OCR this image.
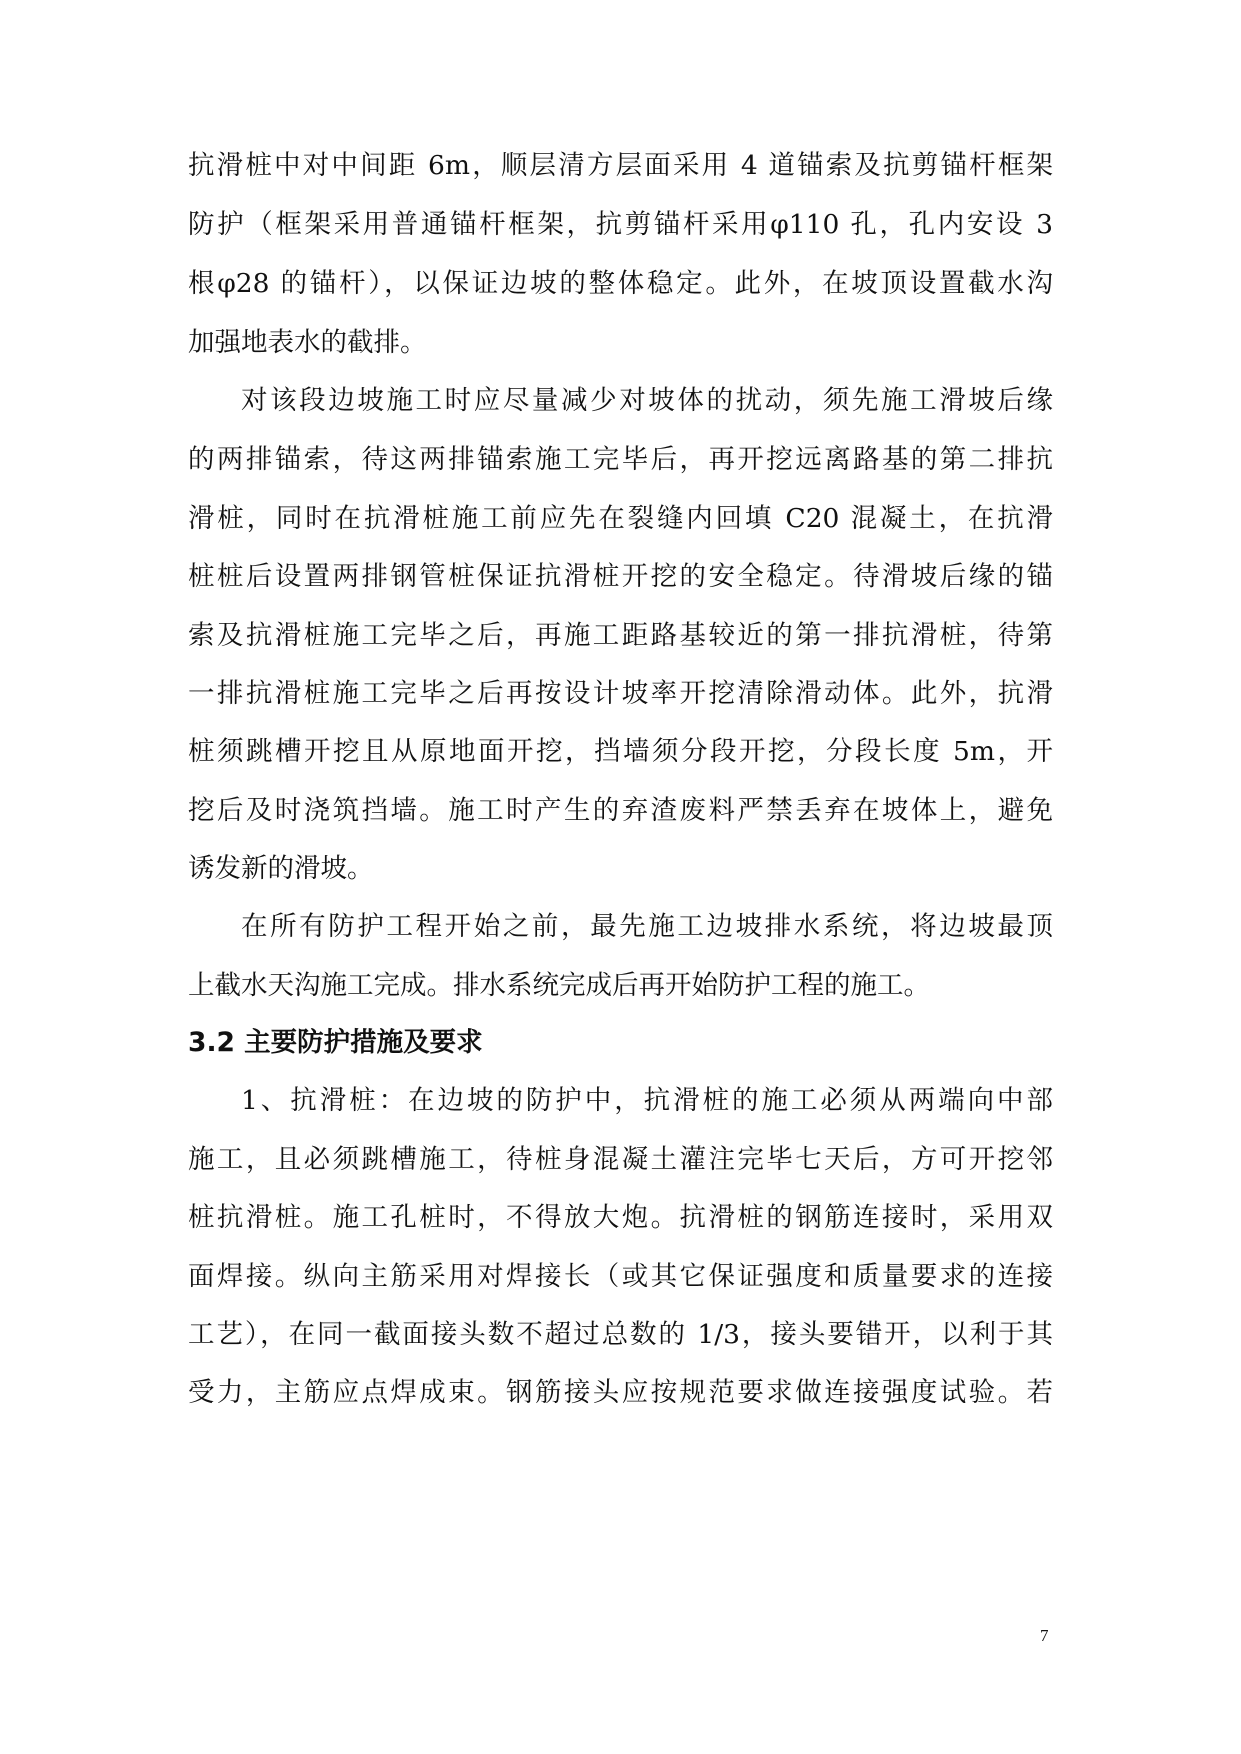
抗滑桩中对中间距 6m，顺层清方层面采用 4 道锚索及抗剪锚杆框架
防护（框架采用普通锚杆框架，抗剪锚杆采用φ110 孔，孔内安设 3
根φ28 的锚杆），以保证边坡的整体稳定。此外，在坡顶设置截水沟
加强地表水的截排。
对该段边坡施工时应尽量减少对坡体的扰动，须先施工滑坡后缘
的两排锚索，待这两排锚索施工完毕后，再开挖远离路基的第二排抗
滑桩，同时在抗滑桩施工前应先在裂缝内回填 C20 混凝土，在抗滑
桩桩后设置两排钢管桩保证抗滑桩开挖的安全稳定。待滑坡后缘的锚
索及抗滑桩施工完毕之后，再施工距路基较近的第一排抗滑桩，待第
一排抗滑桩施工完毕之后再按设计坡率开挖清除滑动体。此外，抗滑
桩须跳槽开挖且从原地面开挖，挡墙须分段开挖，分段长度 5m，开
挖后及时浇筑挡墙。施工时产生的弃渣废料严禁丢弃在坡体上，避免
诱发新的滑坡。
在所有防护工程开始之前，最先施工边坡排水系统，将边坡最顶
上截水天沟施工完成。排水系统完成后再开始防护工程的施工。
3.2 主要防护措施及要求
1、抗滑桩：在边坡的防护中，抗滑桩的施工必须从两端向中部
施工，且必须跳槽施工，待桩身混凝土灌注完毕七天后，方可开挖邻
桩抗滑桩。施工孔桩时，不得放大炮。抗滑桩的钢筋连接时，采用双
面焊接。纵向主筋采用对焊接长（或其它保证强度和质量要求的连接
工艺），在同一截面接头数不超过总数的 1/3，接头要错开，以利于其
受力，主筋应点焊成束。钢筋接头应按规范要求做连接强度试验。若
7
